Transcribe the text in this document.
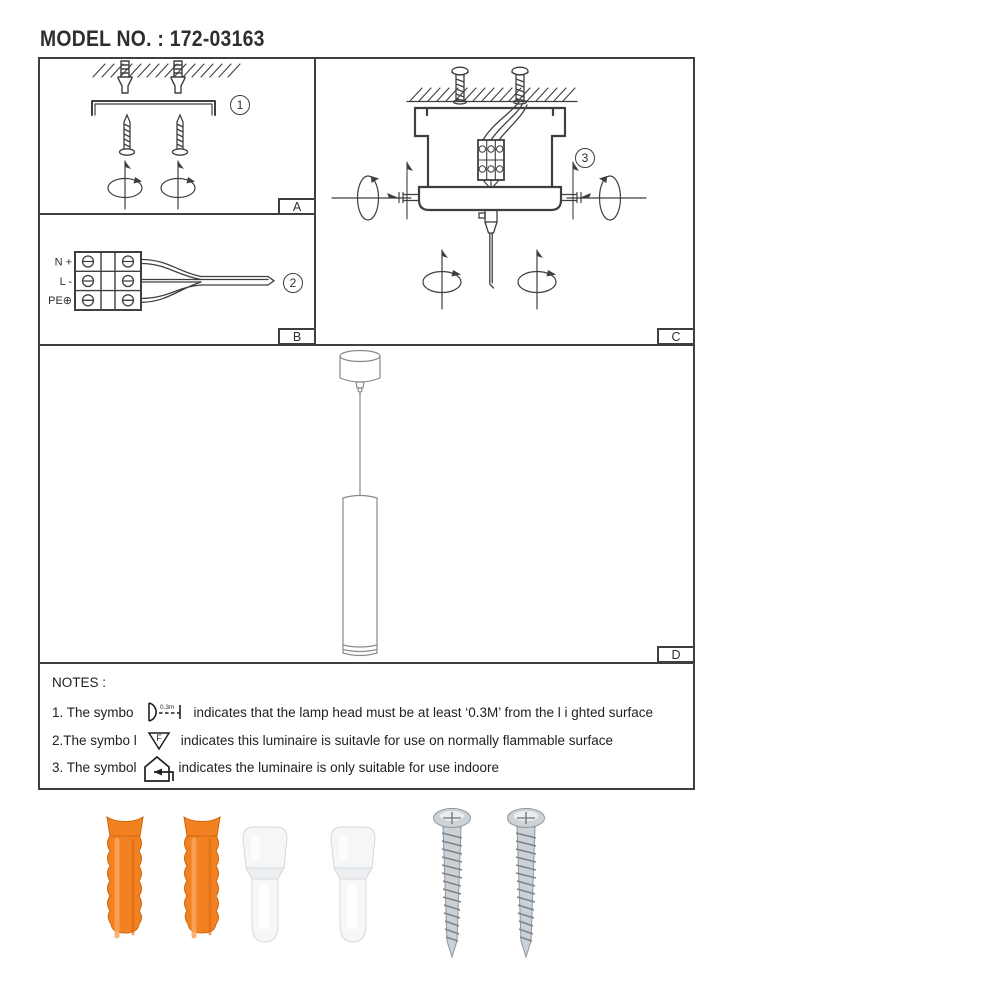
MODEL NO. : 172-03163
N +
L -
PE⊕
1
2
3
A
B	C
D
NOTES :
1. The symbo	0.3m indicates that the lamp head must be at least ‘0.3M’ from the l i ghted surface
2.The symbo l F indicates this luminaire is suitavle for use on normally flammable surface
3. The symbol	indicates the luminaire is only suitable for use indoore
